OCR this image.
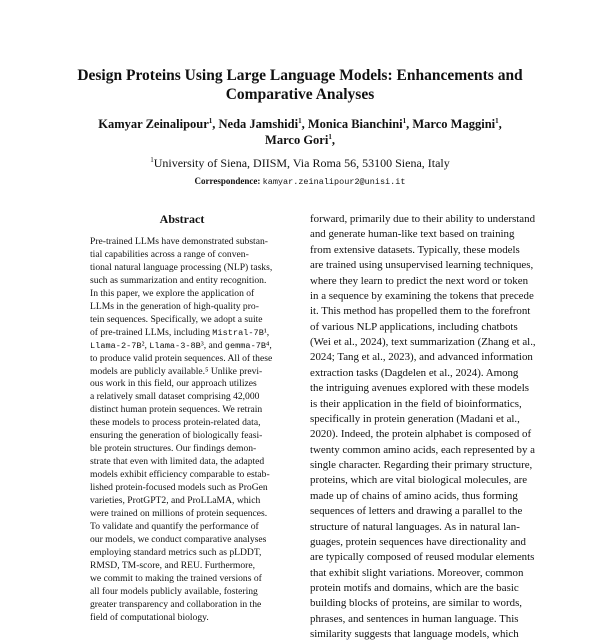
Design Proteins Using Large Language Models: Enhancements and
Comparative Analyses
Kamyar Zeinalipour$^1$, Neda Jamshidi$^1$, Monica Bianchini$^1$, Marco Maggini$^1$,
Marco Gori$^1$,
$^1$University of Siena, DIISM, Via Roma 56, 53100 Siena, Italy
Correspondence: kamyar.zeinalipour2@unisi.it
Abstract
Pre-trained LLMs have demonstrated substan-
tial capabilities across a range of conven-
tional natural language processing (NLP) tasks,
such as summarization and entity recognition.
In this paper, we explore the application of
LLMs in the generation of high-quality pro-
tein sequences. Specifically, we adopt a suite
of pre-trained LLMs, including Mistral-7B¹,
Llama-2-7B², Llama-3-8B³, and gemma-7B⁴,
to produce valid protein sequences. All of these
models are publicly available.⁵ Unlike previ-
ous work in this field, our approach utilizes
a relatively small dataset comprising 42,000
distinct human protein sequences. We retrain
these models to process protein-related data,
ensuring the generation of biologically feasi-
ble protein structures. Our findings demon-
strate that even with limited data, the adapted
models exhibit efficiency comparable to estab-
lished protein-focused models such as ProGen
varieties, ProtGPT2, and ProLLaMA, which
were trained on millions of protein sequences.
To validate and quantify the performance of
our models, we conduct comparative analyses
employing standard metrics such as pLDDT,
RMSD, TM-score, and REU. Furthermore,
we commit to making the trained versions of
all four models publicly available, fostering
greater transparency and collaboration in the
field of computational biology.
forward, primarily due to their ability to understand
and generate human-like text based on training
from extensive datasets. Typically, these models
are trained using unsupervised learning techniques,
where they learn to predict the next word or token
in a sequence by examining the tokens that precede
it. This method has propelled them to the forefront
of various NLP applications, including chatbots
(Wei et al., 2024), text summarization (Zhang et al.,
2024; Tang et al., 2023), and advanced information
extraction tasks (Dagdelen et al., 2024). Among
the intriguing avenues explored with these models
is their application in the field of bioinformatics,
specifically in protein generation (Madani et al.,
2020). Indeed, the protein alphabet is composed of
twenty common amino acids, each represented by a
single character. Regarding their primary structure,
proteins, which are vital biological molecules, are
made up of chains of amino acids, thus forming
sequences of letters and drawing a parallel to the
structure of natural languages. As in natural lan-
guages, protein sequences have directionality and
are typically composed of reused modular elements
that exhibit slight variations. Moreover, common
protein motifs and domains, which are the basic
building blocks of proteins, are similar to words,
phrases, and sentences in human language. This
similarity suggests that language models, which
